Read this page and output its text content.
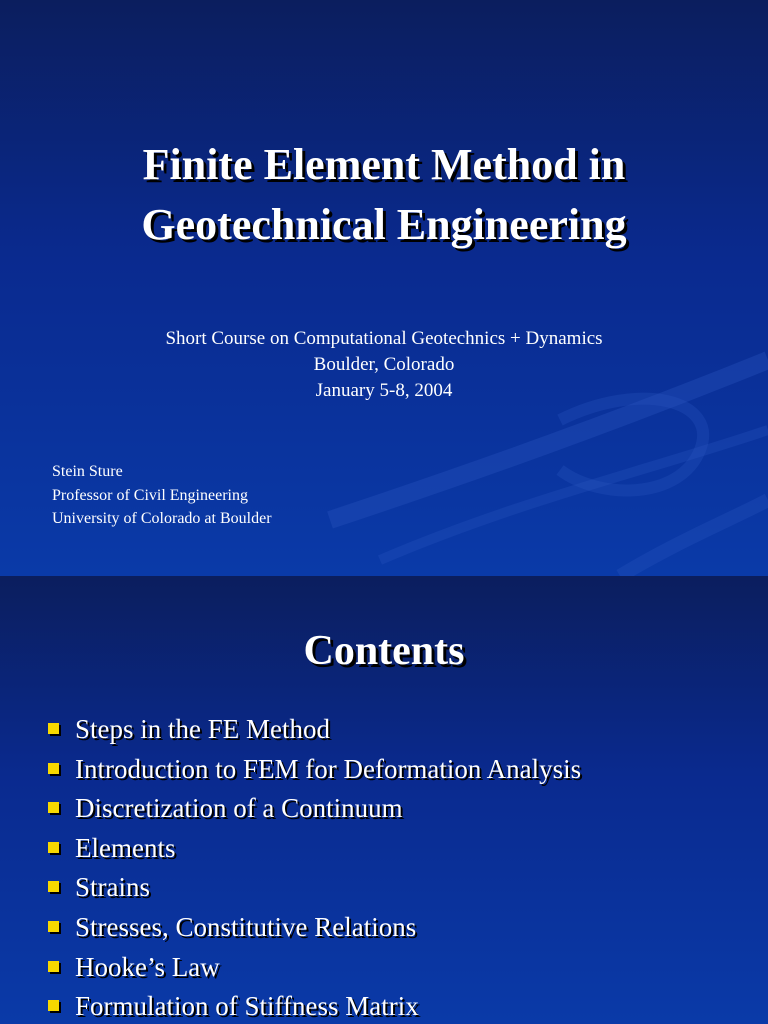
Finite Element Method in
Geotechnical Engineering
Short Course on Computational Geotechnics + Dynamics
Boulder, Colorado
January 5-8, 2004
Stein Sture
Professor of Civil Engineering
University of Colorado at Boulder
Contents
Steps in the FE Method
Introduction to FEM for Deformation Analysis
Discretization of a Continuum
Elements
Strains
Stresses, Constitutive Relations
Hooke’s Law
Formulation of Stiffness Matrix
